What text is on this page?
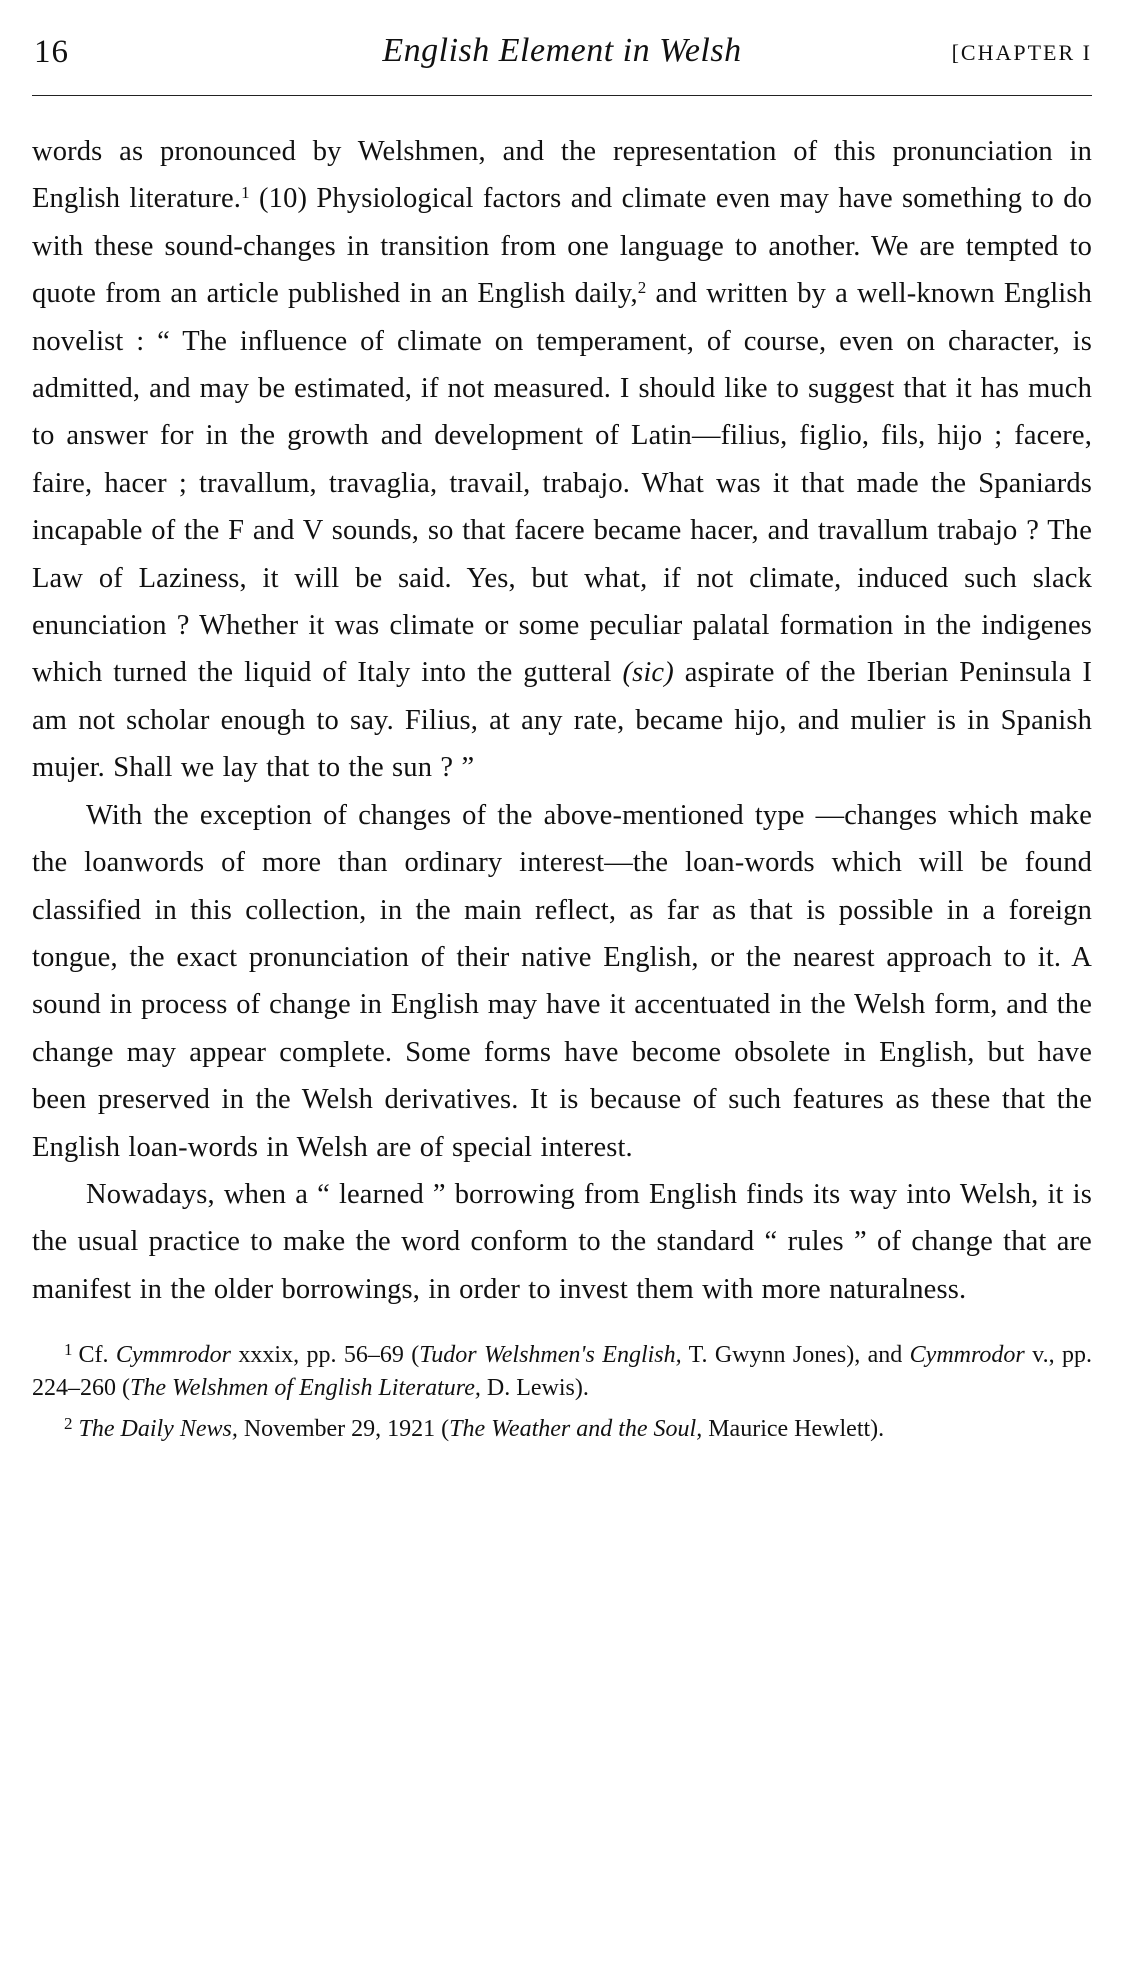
16	English Element in Welsh	[CHAPTER I

words as pronounced by Welshmen, and the representation of this pronunciation in English literature.$^1$ (10) Physiological factors and climate even may have something to do with these sound-changes in transition from one language to another. We are tempted to quote from an article published in an English daily,$^2$ and written by a well-known English novelist : “ The influence of climate on temperament, of course, even on character, is admitted, and may be estimated, if not measured. I should like to suggest that it has much to answer for in the growth and development of Latin—filius, figlio, fils, hijo ; facere, faire, hacer ; travallum, travaglia, travail, trabajo. What was it that made the Spaniards incapable of the F and V sounds, so that facere became hacer, and travallum trabajo ? The Law of Laziness, it will be said. Yes, but what, if not climate, induced such slack enunciation ? Whether it was climate or some peculiar palatal formation in the indigenes which turned the liquid of Italy into the gutteral (sic) aspirate of the Iberian Peninsula I am not scholar enough to say. Filius, at any rate, became hijo, and mulier is in Spanish mujer. Shall we lay that to the sun ? ”

With the exception of changes of the above-mentioned type —changes which make the loanwords of more than ordinary interest—the loan-words which will be found classified in this collection, in the main reflect, as far as that is possible in a foreign tongue, the exact pronunciation of their native English, or the nearest approach to it. A sound in process of change in English may have it accentuated in the Welsh form, and the change may appear complete. Some forms have become obsolete in English, but have been preserved in the Welsh derivatives. It is because of such features as these that the English loan-words in Welsh are of special interest.

Nowadays, when a “ learned ” borrowing from English finds its way into Welsh, it is the usual practice to make the word conform to the standard “ rules ” of change that are manifest in the older borrowings, in order to invest them with more naturalness.

$^1$ Cf. Cymmrodor xxxix, pp. 56–69 (Tudor Welshmen's English, T. Gwynn Jones), and Cymmrodor v., pp. 224–260 (The Welshmen of English Literature, D. Lewis).

$^2$ The Daily News, November 29, 1921 (The Weather and the Soul, Maurice Hewlett).
